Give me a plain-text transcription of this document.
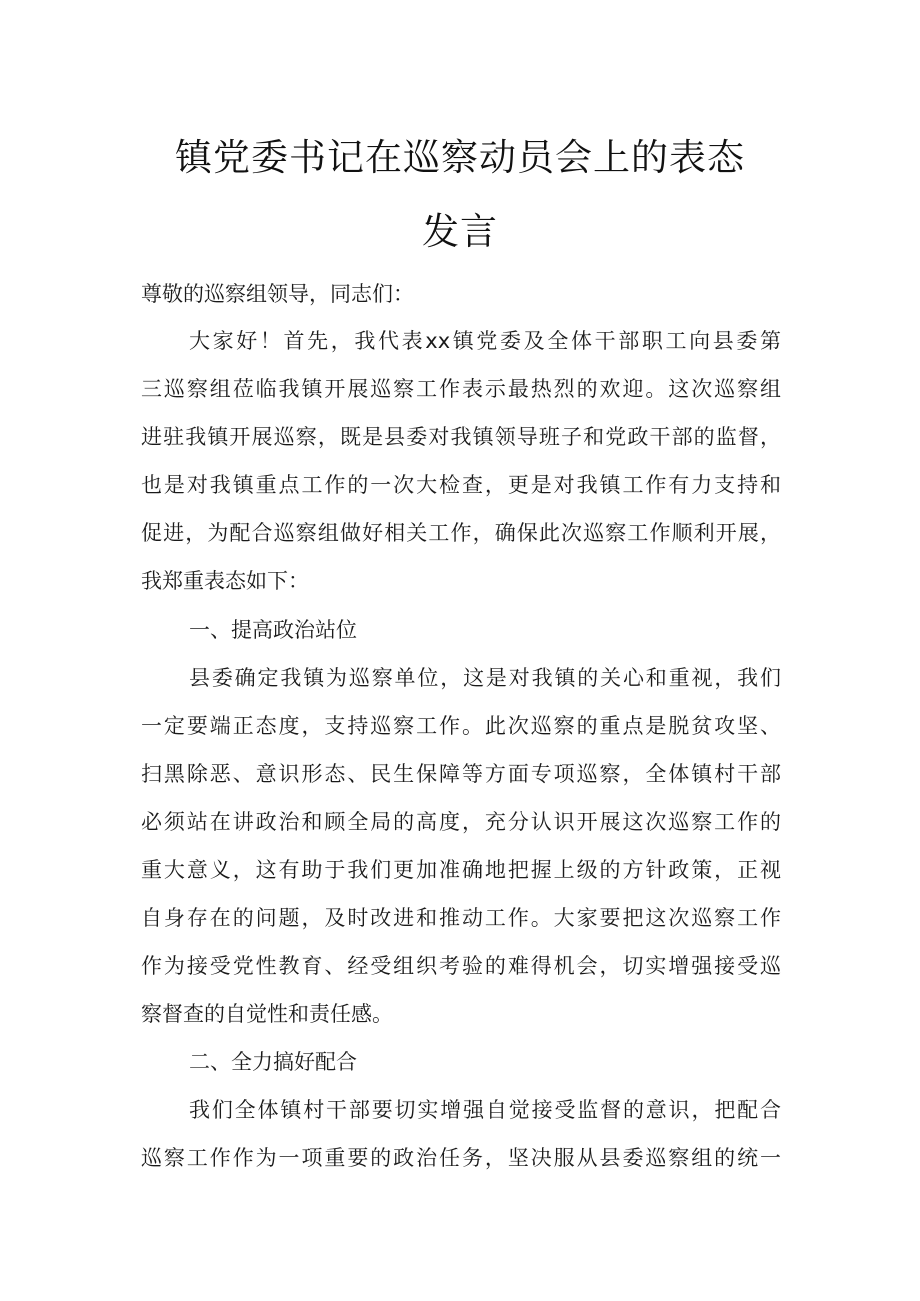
镇党委书记在巡察动员会上的表态
发言

尊敬的巡察组领导，同志们：

大家好！首先，我代表xx镇党委及全体干部职工向县委第

三巡察组莅临我镇开展巡察工作表示最热烈的欢迎。这次巡察组

进驻我镇开展巡察，既是县委对我镇领导班子和党政干部的监督，

也是对我镇重点工作的一次大检查，更是对我镇工作有力支持和

促进，为配合巡察组做好相关工作，确保此次巡察工作顺利开展，

我郑重表态如下：

一、提高政治站位

县委确定我镇为巡察单位，这是对我镇的关心和重视，我们

一定要端正态度，支持巡察工作。此次巡察的重点是脱贫攻坚、

扫黑除恶、意识形态、民生保障等方面专项巡察，全体镇村干部

必须站在讲政治和顾全局的高度，充分认识开展这次巡察工作的

重大意义，这有助于我们更加准确地把握上级的方针政策，正视

自身存在的问题，及时改进和推动工作。大家要把这次巡察工作

作为接受党性教育、经受组织考验的难得机会，切实增强接受巡

察督查的自觉性和责任感。

二、全力搞好配合

我们全体镇村干部要切实增强自觉接受监督的意识，把配合

巡察工作作为一项重要的政治任务，坚决服从县委巡察组的统一
